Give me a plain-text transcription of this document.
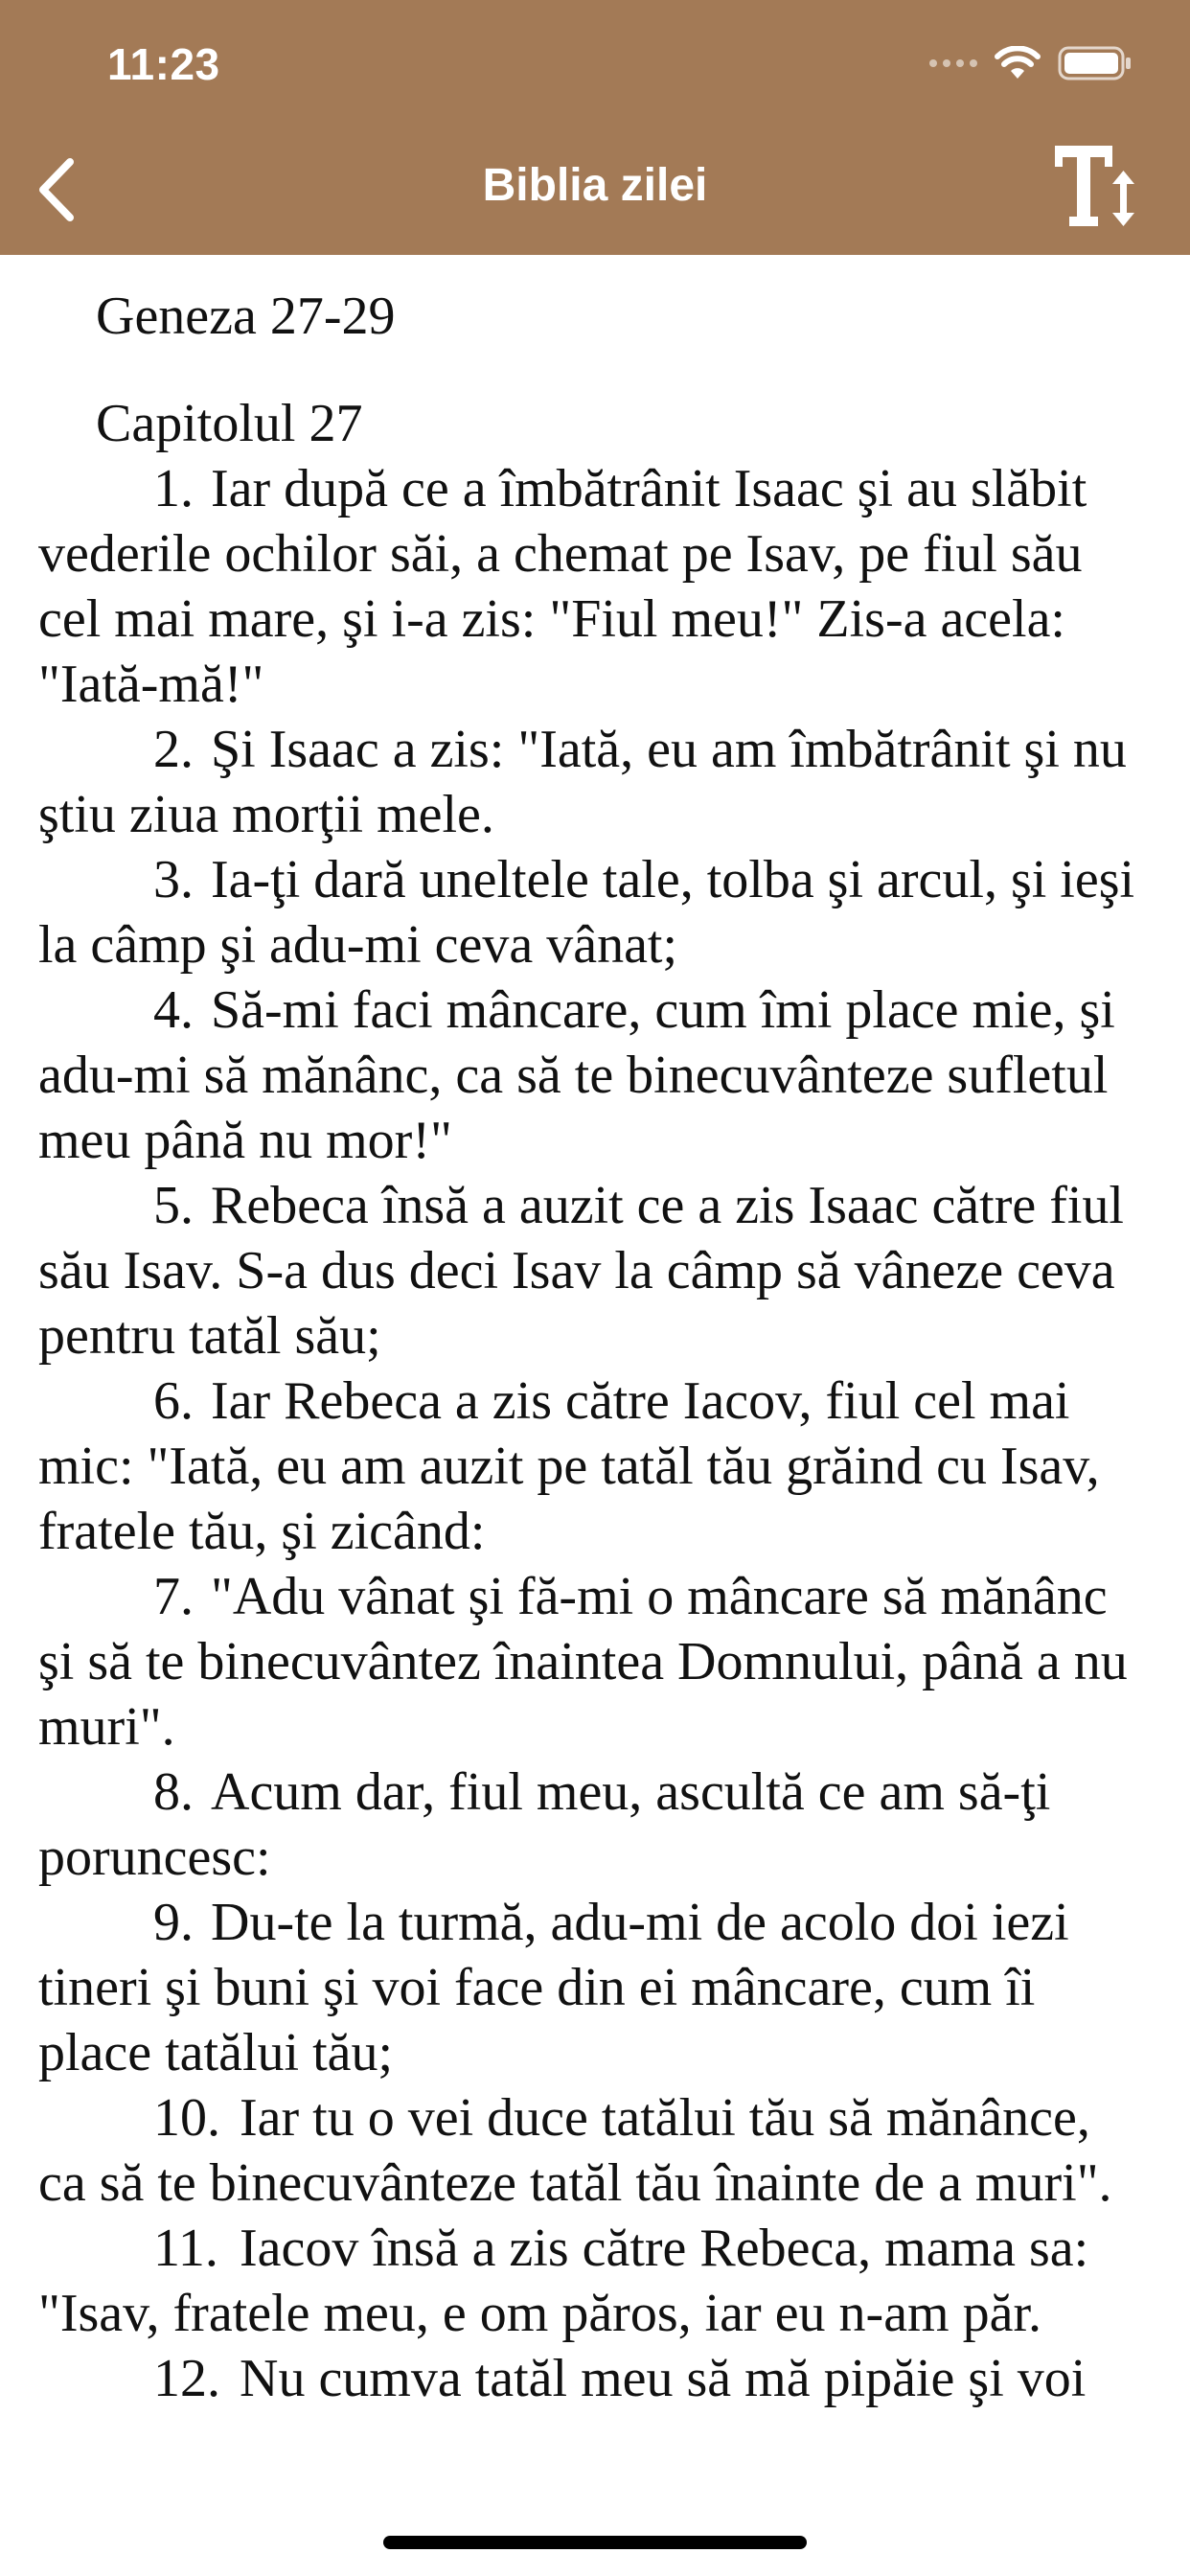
11:23
Biblia zilei
Geneza 27-29
Capitolul 27
1. Iar după ce a îmbătrânit Isaac şi au slăbit vederile ochilor săi, a chemat pe Isav, pe fiul său cel mai mare, şi i-a zis: "Fiul meu!" Zis-a acela: "Iată-mă!"
2. Şi Isaac a zis: "Iată, eu am îmbătrânit şi nu ştiu ziua morţii mele.
3. Ia-ţi dară uneltele tale, tolba şi arcul, şi ieşi la câmp şi adu-mi ceva vânat;
4. Să-mi faci mâncare, cum îmi place mie, şi adu-mi să mănânc, ca să te binecuvânteze sufletul meu până nu mor!"
5. Rebeca însă a auzit ce a zis Isaac către fiul său Isav. S-a dus deci Isav la câmp să vâneze ceva pentru tatăl său;
6. Iar Rebeca a zis către Iacov, fiul cel mai mic: "Iată, eu am auzit pe tatăl tău grăind cu Isav, fratele tău, şi zicând:
7. "Adu vânat şi fă-mi o mâncare să mănânc şi să te binecuvântez înaintea Domnului, până a nu muri".
8. Acum dar, fiul meu, ascultă ce am să-ţi poruncesc:
9. Du-te la turmă, adu-mi de acolo doi iezi tineri şi buni şi voi face din ei mâncare, cum îi place tatălui tău;
10. Iar tu o vei duce tatălui tău să mănânce, ca să te binecuvânteze tatăl tău înainte de a muri".
11. Iacov însă a zis către Rebeca, mama sa: "Isav, fratele meu, e om păros, iar eu n-am păr.
12. Nu cumva tatăl meu să mă pipăie şi voi
